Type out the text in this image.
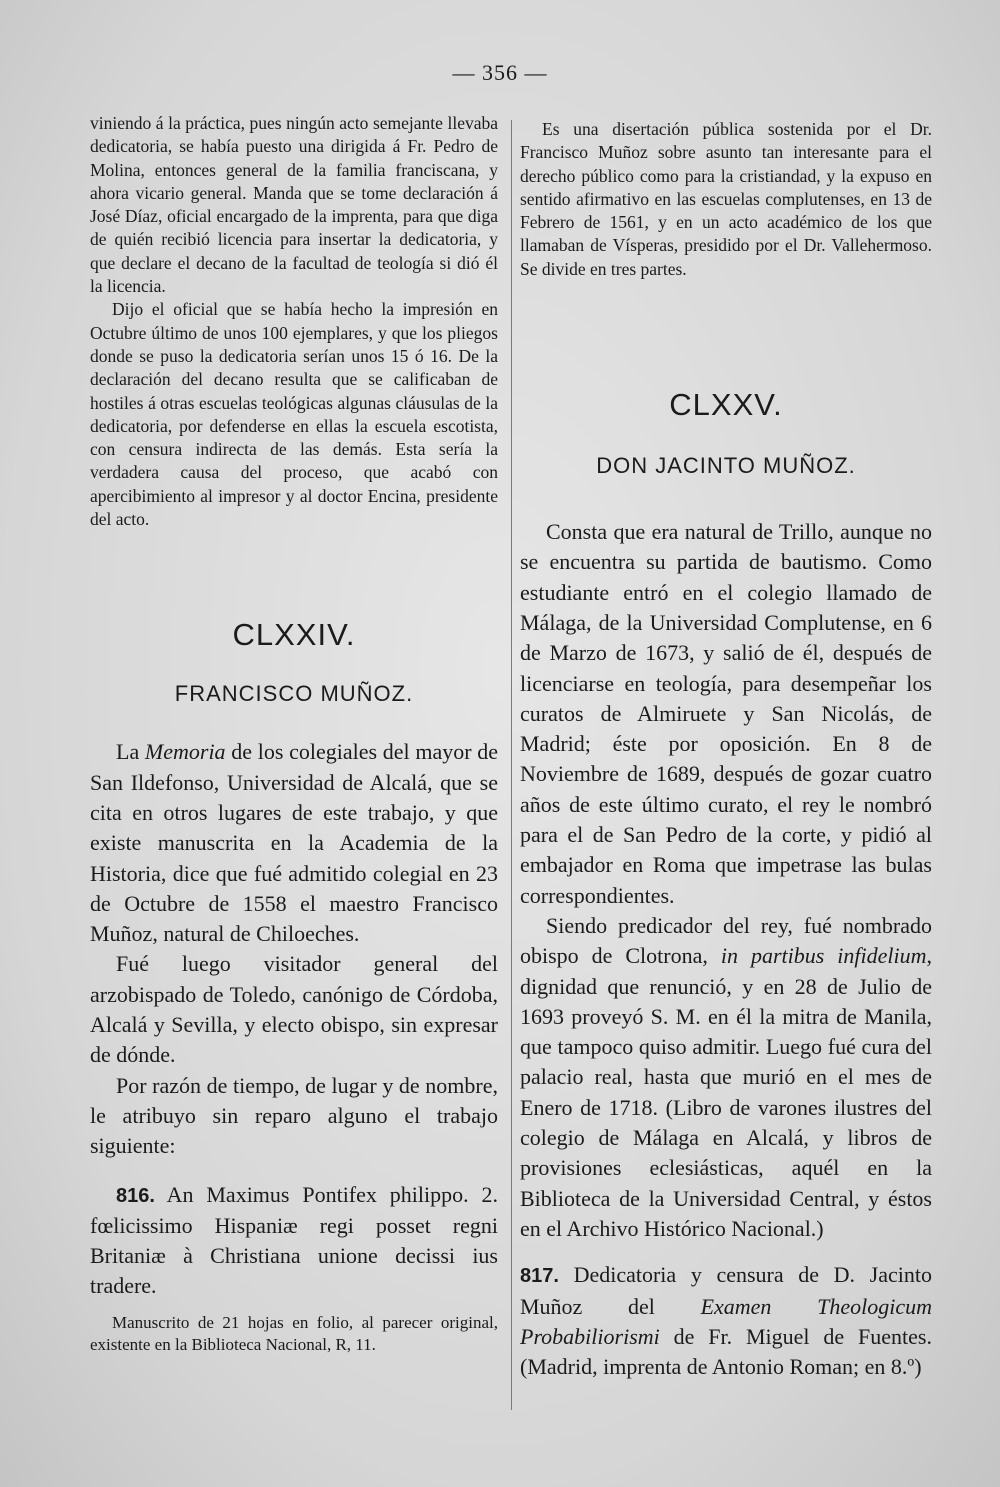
— 356 —

viniendo á la práctica, pues ningún acto semejante llevaba dedicatoria, se había puesto una dirigida á Fr. Pedro de Molina, entonces general de la familia franciscana, y ahora vicario general. Manda que se tome declaración á José Díaz, oficial encargado de la imprenta, para que diga de quién recibió licencia para insertar la dedicatoria, y que declare el decano de la facultad de teología si dió él la licencia.

Dijo el oficial que se había hecho la impresión en Octubre último de unos 100 ejemplares, y que los pliegos donde se puso la dedicatoria serían unos 15 ó 16. De la declaración del decano resulta que se calificaban de hostiles á otras escuelas teológicas algunas cláusulas de la dedicatoria, por defenderse en ellas la escuela escotista, con censura indirecta de las demás. Esta sería la verdadera causa del proceso, que acabó con apercibimiento al impresor y al doctor Encina, presidente del acto.

CLXXIV.
FRANCISCO MUÑOZ.

La Memoria de los colegiales del mayor de San Ildefonso, Universidad de Alcalá, que se cita en otros lugares de este trabajo, y que existe manuscrita en la Academia de la Historia, dice que fué admitido colegial en 23 de Octubre de 1558 el maestro Francisco Muñoz, natural de Chiloeches.

Fué luego visitador general del arzobispado de Toledo, canónigo de Córdoba, Alcalá y Sevilla, y electo obispo, sin expresar de dónde.

Por razón de tiempo, de lugar y de nombre, le atribuyo sin reparo alguno el trabajo siguiente:

816. An Maximus Pontifex philippo. 2. fœlicissimo Hispaniæ regi posset regni Britaniæ à Christiana unione decissi ius tradere.

Manuscrito de 21 hojas en folio, al parecer original, existente en la Biblioteca Nacional, R, 11.

Es una disertación pública sostenida por el Dr. Francisco Muñoz sobre asunto tan interesante para el derecho público como para la cristiandad, y la expuso en sentido afirmativo en las escuelas complutenses, en 13 de Febrero de 1561, y en un acto académico de los que llamaban de Vísperas, presidido por el Dr. Vallehermoso. Se divide en tres partes.

CLXXV.
DON JACINTO MUÑOZ.

Consta que era natural de Trillo, aunque no se encuentra su partida de bautismo. Como estudiante entró en el colegio llamado de Málaga, de la Universidad Complutense, en 6 de Marzo de 1673, y salió de él, después de licenciarse en teología, para desempeñar los curatos de Almiruete y San Nicolás, de Madrid; éste por oposición. En 8 de Noviembre de 1689, después de gozar cuatro años de este último curato, el rey le nombró para el de San Pedro de la corte, y pidió al embajador en Roma que impetrase las bulas correspondientes.

Siendo predicador del rey, fué nombrado obispo de Clotrona, in partibus infidelium, dignidad que renunció, y en 28 de Julio de 1693 proveyó S. M. en él la mitra de Manila, que tampoco quiso admitir. Luego fué cura del palacio real, hasta que murió en el mes de Enero de 1718. (Libro de varones ilustres del colegio de Málaga en Alcalá, y libros de provisiones eclesiásticas, aquél en la Biblioteca de la Universidad Central, y éstos en el Archivo Histórico Nacional.)

817. Dedicatoria y censura de D. Jacinto Muñoz del Examen Theologicum Probabiliorismi de Fr. Miguel de Fuentes. (Madrid, imprenta de Antonio Roman; en 8.º)
